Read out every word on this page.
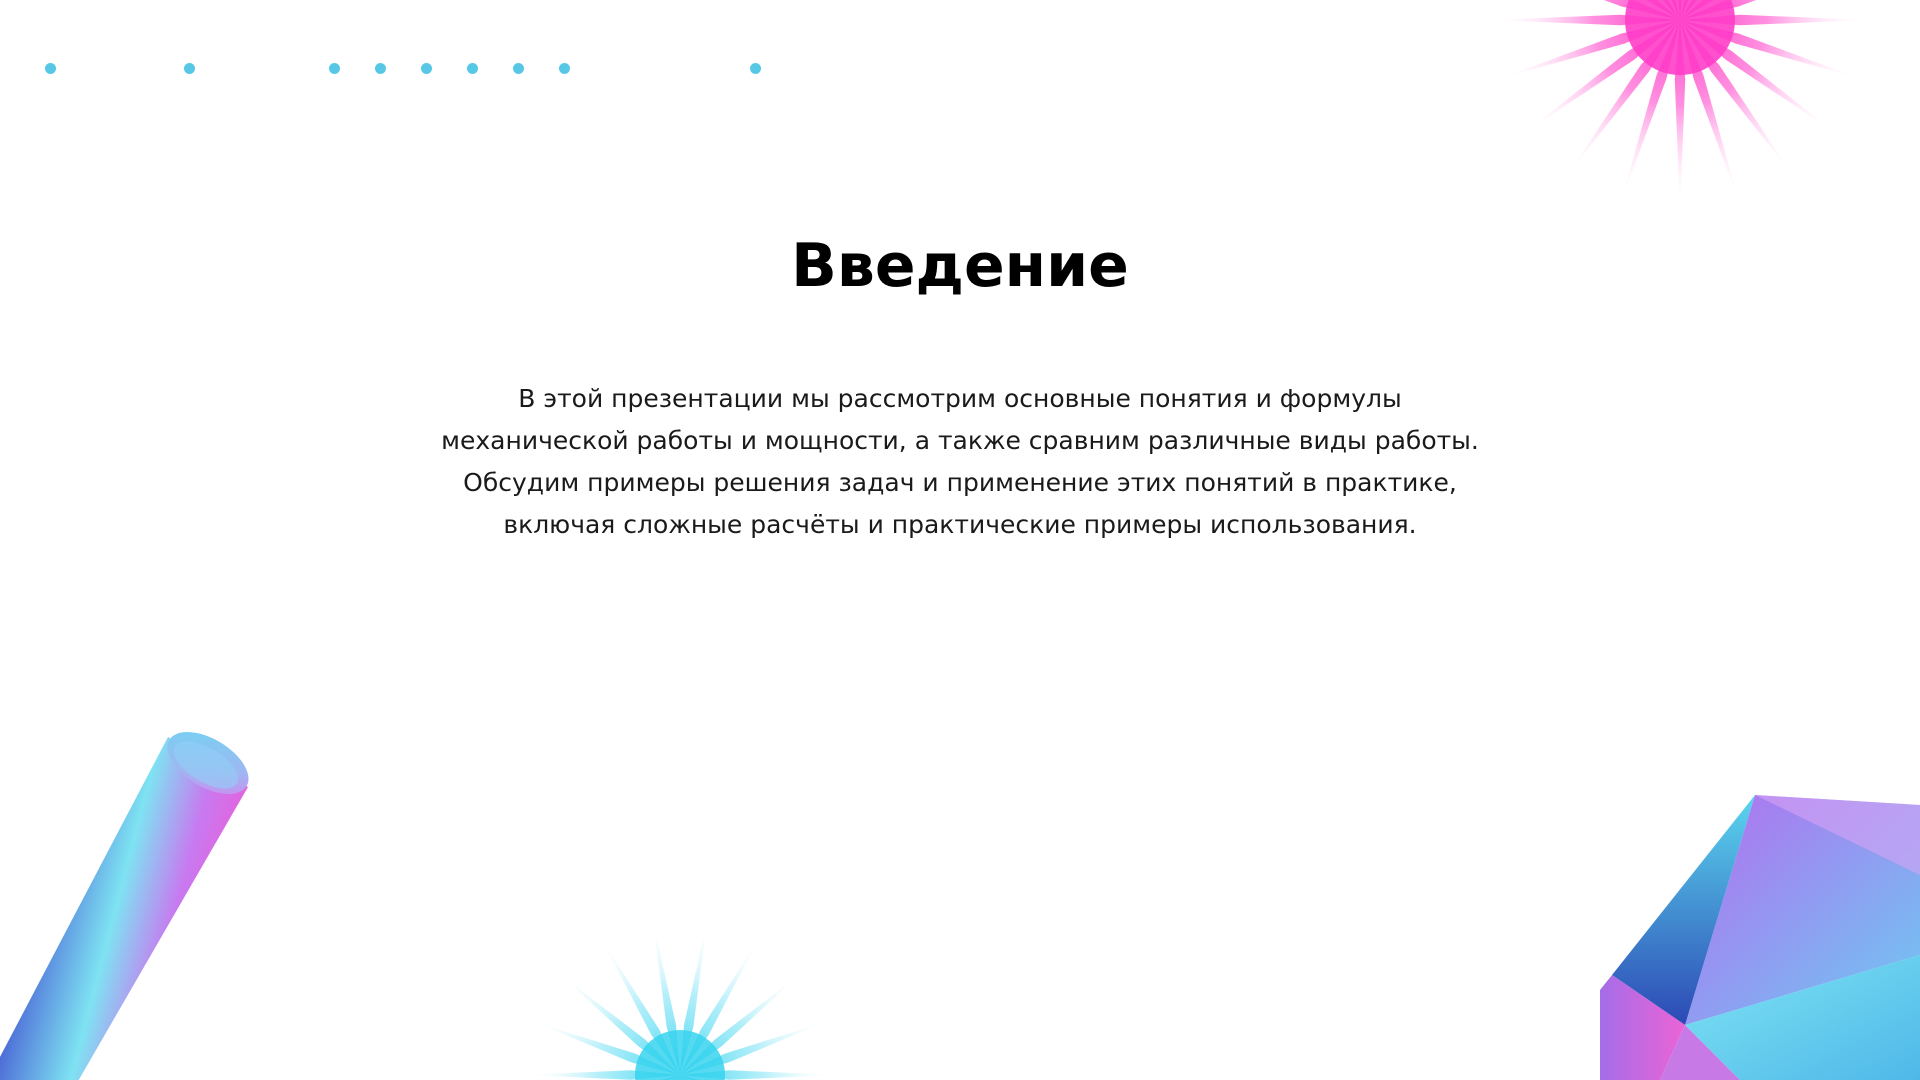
Введение
В этой презентации мы рассмотрим основные понятия и формулы
механической работы и мощности, а также сравним различные виды работы.
Обсудим примеры решения задач и применение этих понятий в практике,
включая сложные расчёты и практические примеры использования.
